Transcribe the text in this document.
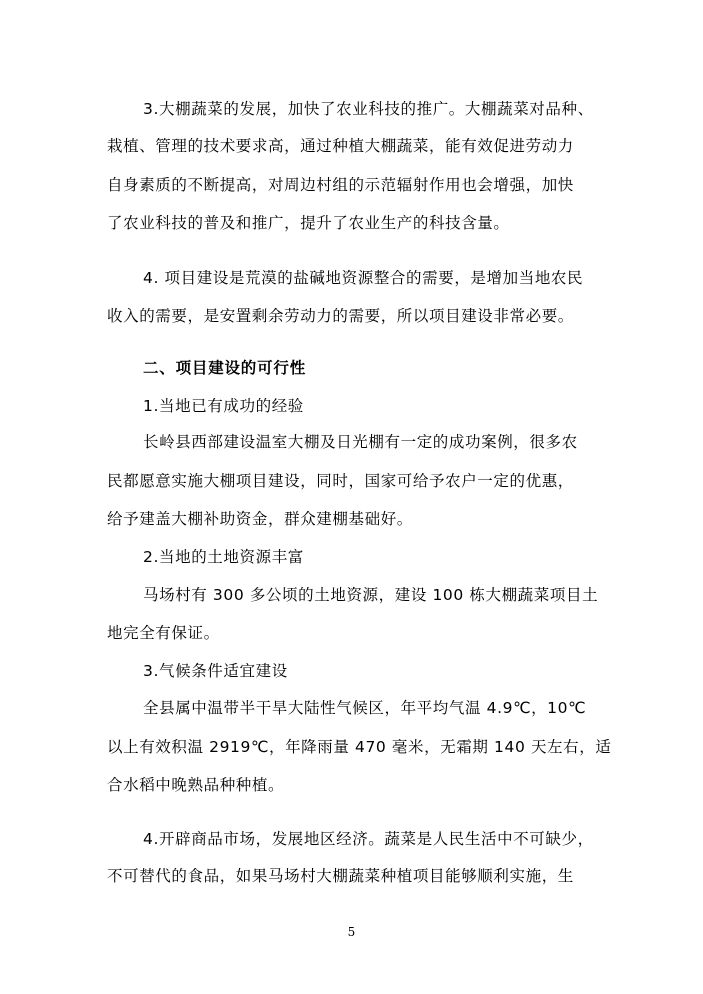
3.大棚蔬菜的发展，加快了农业科技的推广。大棚蔬菜对品种、
栽植、管理的技术要求高，通过种植大棚蔬菜，能有效促进劳动力
自身素质的不断提高，对周边村组的示范辐射作用也会增强，加快
了农业科技的普及和推广，提升了农业生产的科技含量。
4. 项目建设是荒漠的盐碱地资源整合的需要，是增加当地农民
收入的需要，是安置剩余劳动力的需要，所以项目建设非常必要。
二、项目建设的可行性
1.当地已有成功的经验
长岭县西部建设温室大棚及日光棚有一定的成功案例，很多农
民都愿意实施大棚项目建设，同时，国家可给予农户一定的优惠，
给予建盖大棚补助资金，群众建棚基础好。
2.当地的土地资源丰富
马场村有 300 多公顷的土地资源，建设 100 栋大棚蔬菜项目土
地完全有保证。
3.气候条件适宜建设
全县属中温带半干旱大陆性气候区，年平均气温 4.9℃，10℃
以上有效积温 2919℃，年降雨量 470 毫米，无霜期 140 天左右，适
合水稻中晚熟品种种植。
4.开辟商品市场，发展地区经济。蔬菜是人民生活中不可缺少，
不可替代的食品，如果马场村大棚蔬菜种植项目能够顺利实施，生
5
